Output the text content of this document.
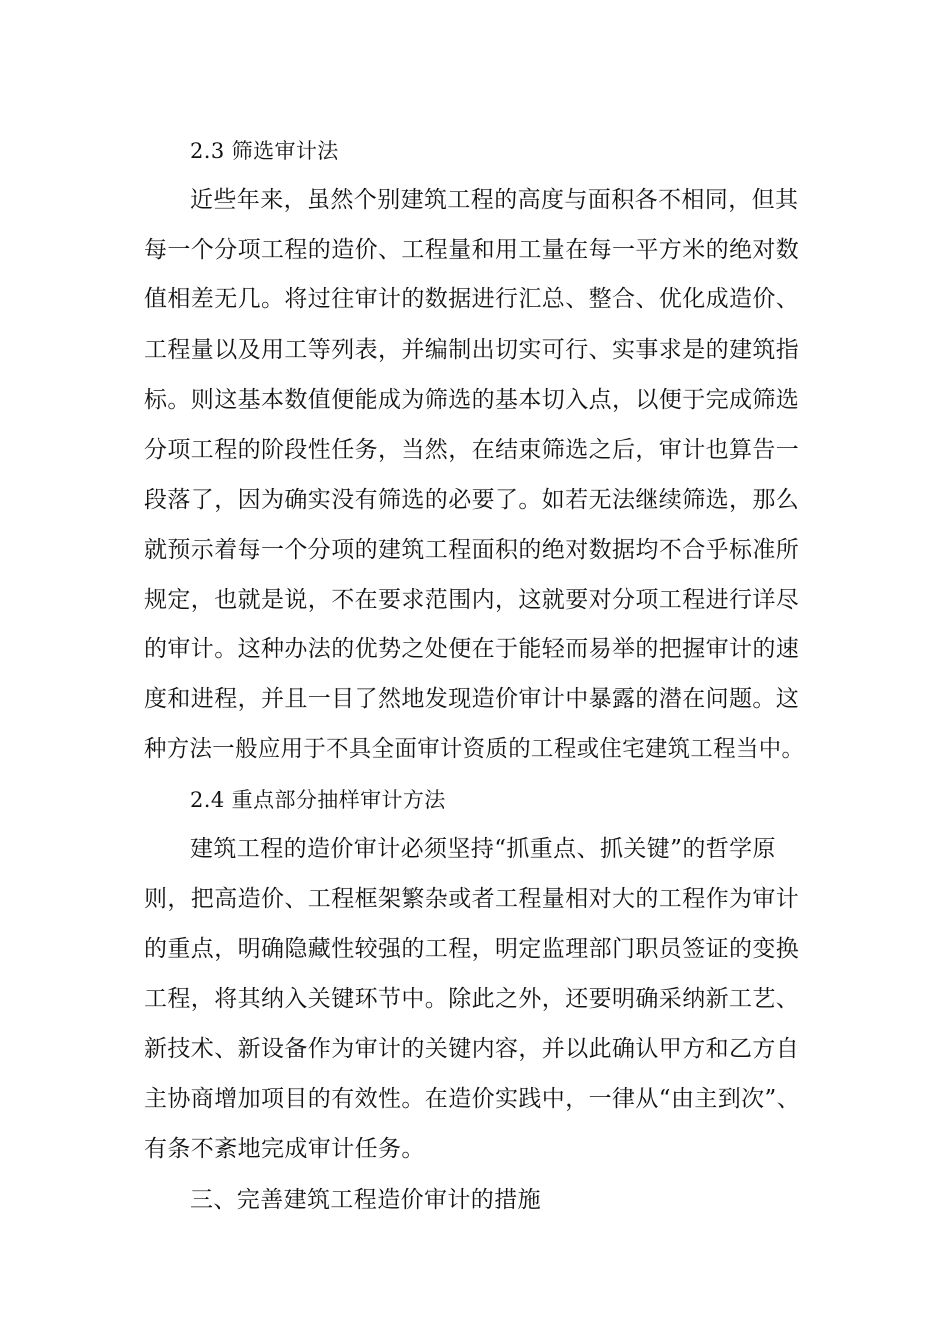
2.3 筛选审计法
近些年来，虽然个别建筑工程的高度与面积各不相同，但其
每一个分项工程的造价、工程量和用工量在每一平方米的绝对数
值相差无几。将过往审计的数据进行汇总、整合、优化成造价、
工程量以及用工等列表，并编制出切实可行、实事求是的建筑指
标。则这基本数值便能成为筛选的基本切入点，以便于完成筛选
分项工程的阶段性任务，当然，在结束筛选之后，审计也算告一
段落了，因为确实没有筛选的必要了。如若无法继续筛选，那么
就预示着每一个分项的建筑工程面积的绝对数据均不合乎标准所
规定，也就是说，不在要求范围内，这就要对分项工程进行详尽
的审计。这种办法的优势之处便在于能轻而易举的把握审计的速
度和进程，并且一目了然地发现造价审计中暴露的潜在问题。这
种方法一般应用于不具全面审计资质的工程或住宅建筑工程当中。
2.4 重点部分抽样审计方法
建筑工程的造价审计必须坚持“抓重点、抓关键”的哲学原
则，把高造价、工程框架繁杂或者工程量相对大的工程作为审计
的重点，明确隐藏性较强的工程，明定监理部门职员签证的变换
工程，将其纳入关键环节中。除此之外，还要明确采纳新工艺、
新技术、新设备作为审计的关键内容，并以此确认甲方和乙方自
主协商增加项目的有效性。在造价实践中，一律从“由主到次”、
有条不紊地完成审计任务。
三、完善建筑工程造价审计的措施
